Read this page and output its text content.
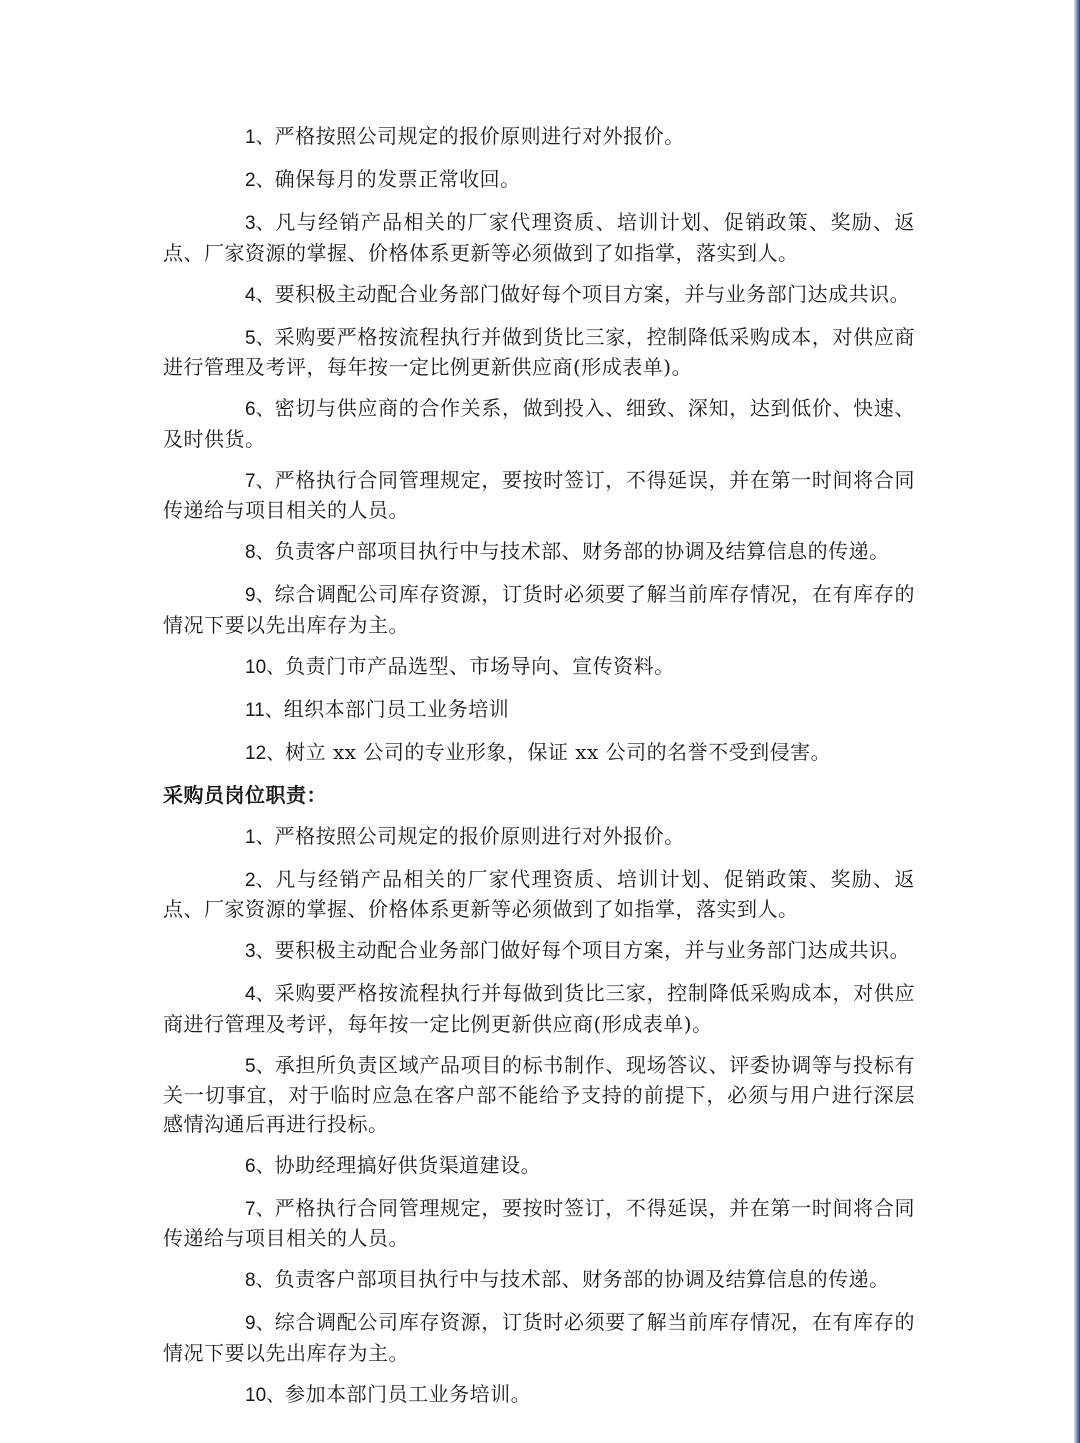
1、严格按照公司规定的报价原则进行对外报价。

2、确保每月的发票正常收回。

3、凡与经销产品相关的厂家代理资质、培训计划、促销政策、奖励、返点、厂家资源的掌握、价格体系更新等必须做到了如指掌，落实到人。

4、要积极主动配合业务部门做好每个项目方案，并与业务部门达成共识。

5、采购要严格按流程执行并做到货比三家，控制降低采购成本，对供应商进行管理及考评，每年按一定比例更新供应商(形成表单)。

6、密切与供应商的合作关系，做到投入、细致、深知，达到低价、快速、及时供货。

7、严格执行合同管理规定，要按时签订，不得延误，并在第一时间将合同传递给与项目相关的人员。

8、负责客户部项目执行中与技术部、财务部的协调及结算信息的传递。

9、综合调配公司库存资源，订货时必须要了解当前库存情况，在有库存的情况下要以先出库存为主。

10、负责门市产品选型、市场导向、宣传资料。

11、组织本部门员工业务培训

12、树立 xx 公司的专业形象，保证 xx 公司的名誉不受到侵害。

采购员岗位职责：

1、严格按照公司规定的报价原则进行对外报价。

2、凡与经销产品相关的厂家代理资质、培训计划、促销政策、奖励、返点、厂家资源的掌握、价格体系更新等必须做到了如指掌，落实到人。

3、要积极主动配合业务部门做好每个项目方案，并与业务部门达成共识。

4、采购要严格按流程执行并每做到货比三家，控制降低采购成本，对供应商进行管理及考评，每年按一定比例更新供应商(形成表单)。

5、承担所负责区域产品项目的标书制作、现场答议、评委协调等与投标有关一切事宜，对于临时应急在客户部不能给予支持的前提下，必须与用户进行深层感情沟通后再进行投标。

6、协助经理搞好供货渠道建设。

7、严格执行合同管理规定，要按时签订，不得延误，并在第一时间将合同传递给与项目相关的人员。

8、负责客户部项目执行中与技术部、财务部的协调及结算信息的传递。

9、综合调配公司库存资源，订货时必须要了解当前库存情况，在有库存的情况下要以先出库存为主。

10、参加本部门员工业务培训。
